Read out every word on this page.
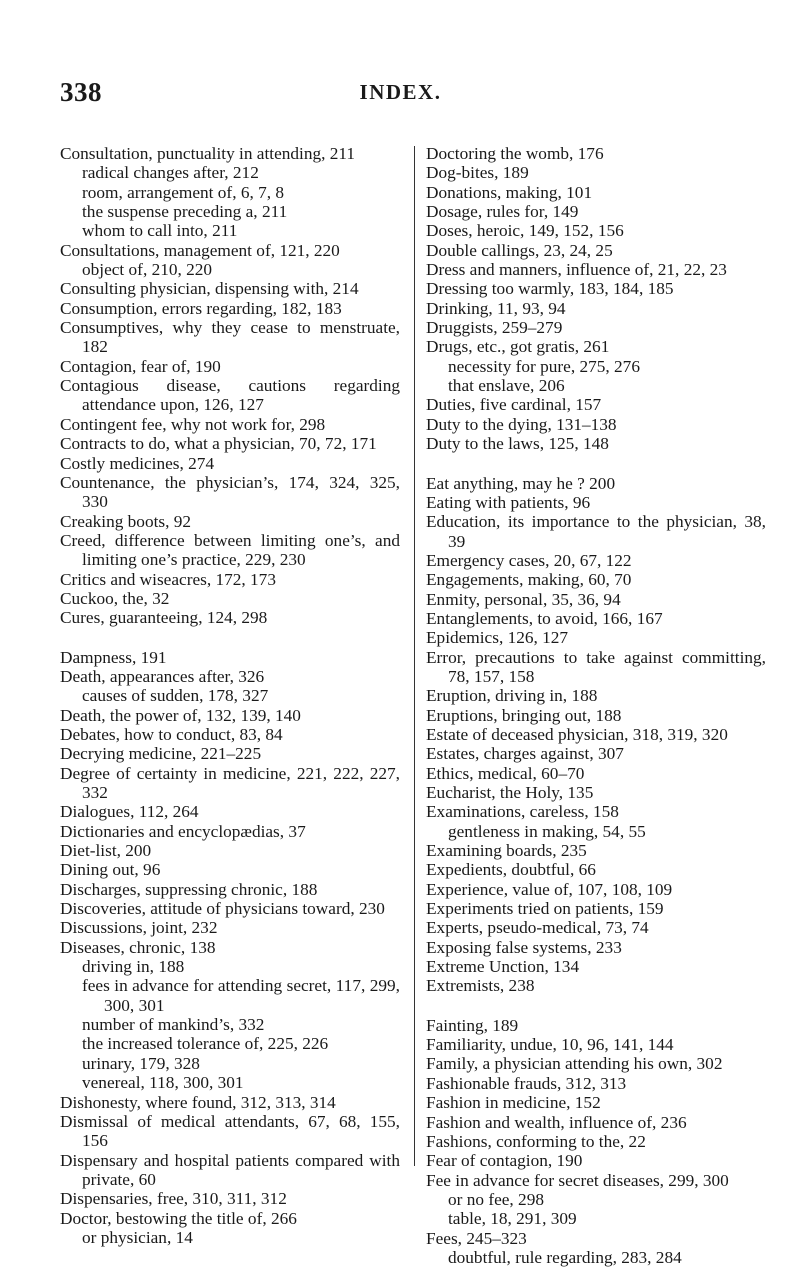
338	INDEX.
Consultation, punctuality in attending, 211
radical changes after, 212
room, arrangement of, 6, 7, 8
the suspense preceding a, 211
whom to call into, 211
Consultations, management of, 121, 220
object of, 210, 220
Consulting physician, dispensing with, 214
Consumption, errors regarding, 182, 183
Consumptives, why they cease to menstruate, 182
Contagion, fear of, 190
Contagious disease, cautions regarding attendance upon, 126, 127
Contingent fee, why not work for, 298
Contracts to do, what a physician, 70, 72, 171
Costly medicines, 274
Countenance, the physician’s, 174, 324, 325, 330
Creaking boots, 92
Creed, difference between limiting one’s, and limiting one’s practice, 229, 230
Critics and wiseacres, 172, 173
Cuckoo, the, 32
Cures, guaranteeing, 124, 298
Dampness, 191
Death, appearances after, 326
causes of sudden, 178, 327
Death, the power of, 132, 139, 140
Debates, how to conduct, 83, 84
Decrying medicine, 221–225
Degree of certainty in medicine, 221, 222, 227, 332
Dialogues, 112, 264
Dictionaries and encyclopædias, 37
Diet-list, 200
Dining out, 96
Discharges, suppressing chronic, 188
Discoveries, attitude of physicians toward, 230
Discussions, joint, 232
Diseases, chronic, 138
driving in, 188
fees in advance for attending secret, 117, 299, 300, 301
number of mankind’s, 332
the increased tolerance of, 225, 226
urinary, 179, 328
venereal, 118, 300, 301
Dishonesty, where found, 312, 313, 314
Dismissal of medical attendants, 67, 68, 155, 156
Dispensary and hospital patients compared with private, 60
Dispensaries, free, 310, 311, 312
Doctor, bestowing the title of, 266
or physician, 14
Doctoring the womb, 176
Dog-bites, 189
Donations, making, 101
Dosage, rules for, 149
Doses, heroic, 149, 152, 156
Double callings, 23, 24, 25
Dress and manners, influence of, 21, 22, 23
Dressing too warmly, 183, 184, 185
Drinking, 11, 93, 94
Druggists, 259–279
Drugs, etc., got gratis, 261
necessity for pure, 275, 276
that enslave, 206
Duties, five cardinal, 157
Duty to the dying, 131–138
Duty to the laws, 125, 148
Eat anything, may he ? 200
Eating with patients, 96
Education, its importance to the physician, 38, 39
Emergency cases, 20, 67, 122
Engagements, making, 60, 70
Enmity, personal, 35, 36, 94
Entanglements, to avoid, 166, 167
Epidemics, 126, 127
Error, precautions to take against committing, 78, 157, 158
Eruption, driving in, 188
Eruptions, bringing out, 188
Estate of deceased physician, 318, 319, 320
Estates, charges against, 307
Ethics, medical, 60–70
Eucharist, the Holy, 135
Examinations, careless, 158
gentleness in making, 54, 55
Examining boards, 235
Expedients, doubtful, 66
Experience, value of, 107, 108, 109
Experiments tried on patients, 159
Experts, pseudo-medical, 73, 74
Exposing false systems, 233
Extreme Unction, 134
Extremists, 238
Fainting, 189
Familiarity, undue, 10, 96, 141, 144
Family, a physician attending his own, 302
Fashionable frauds, 312, 313
Fashion in medicine, 152
Fashion and wealth, influence of, 236
Fashions, conforming to the, 22
Fear of contagion, 190
Fee in advance for secret diseases, 299, 300
or no fee, 298
table, 18, 291, 309
Fees, 245–323
doubtful, rule regarding, 283, 284
